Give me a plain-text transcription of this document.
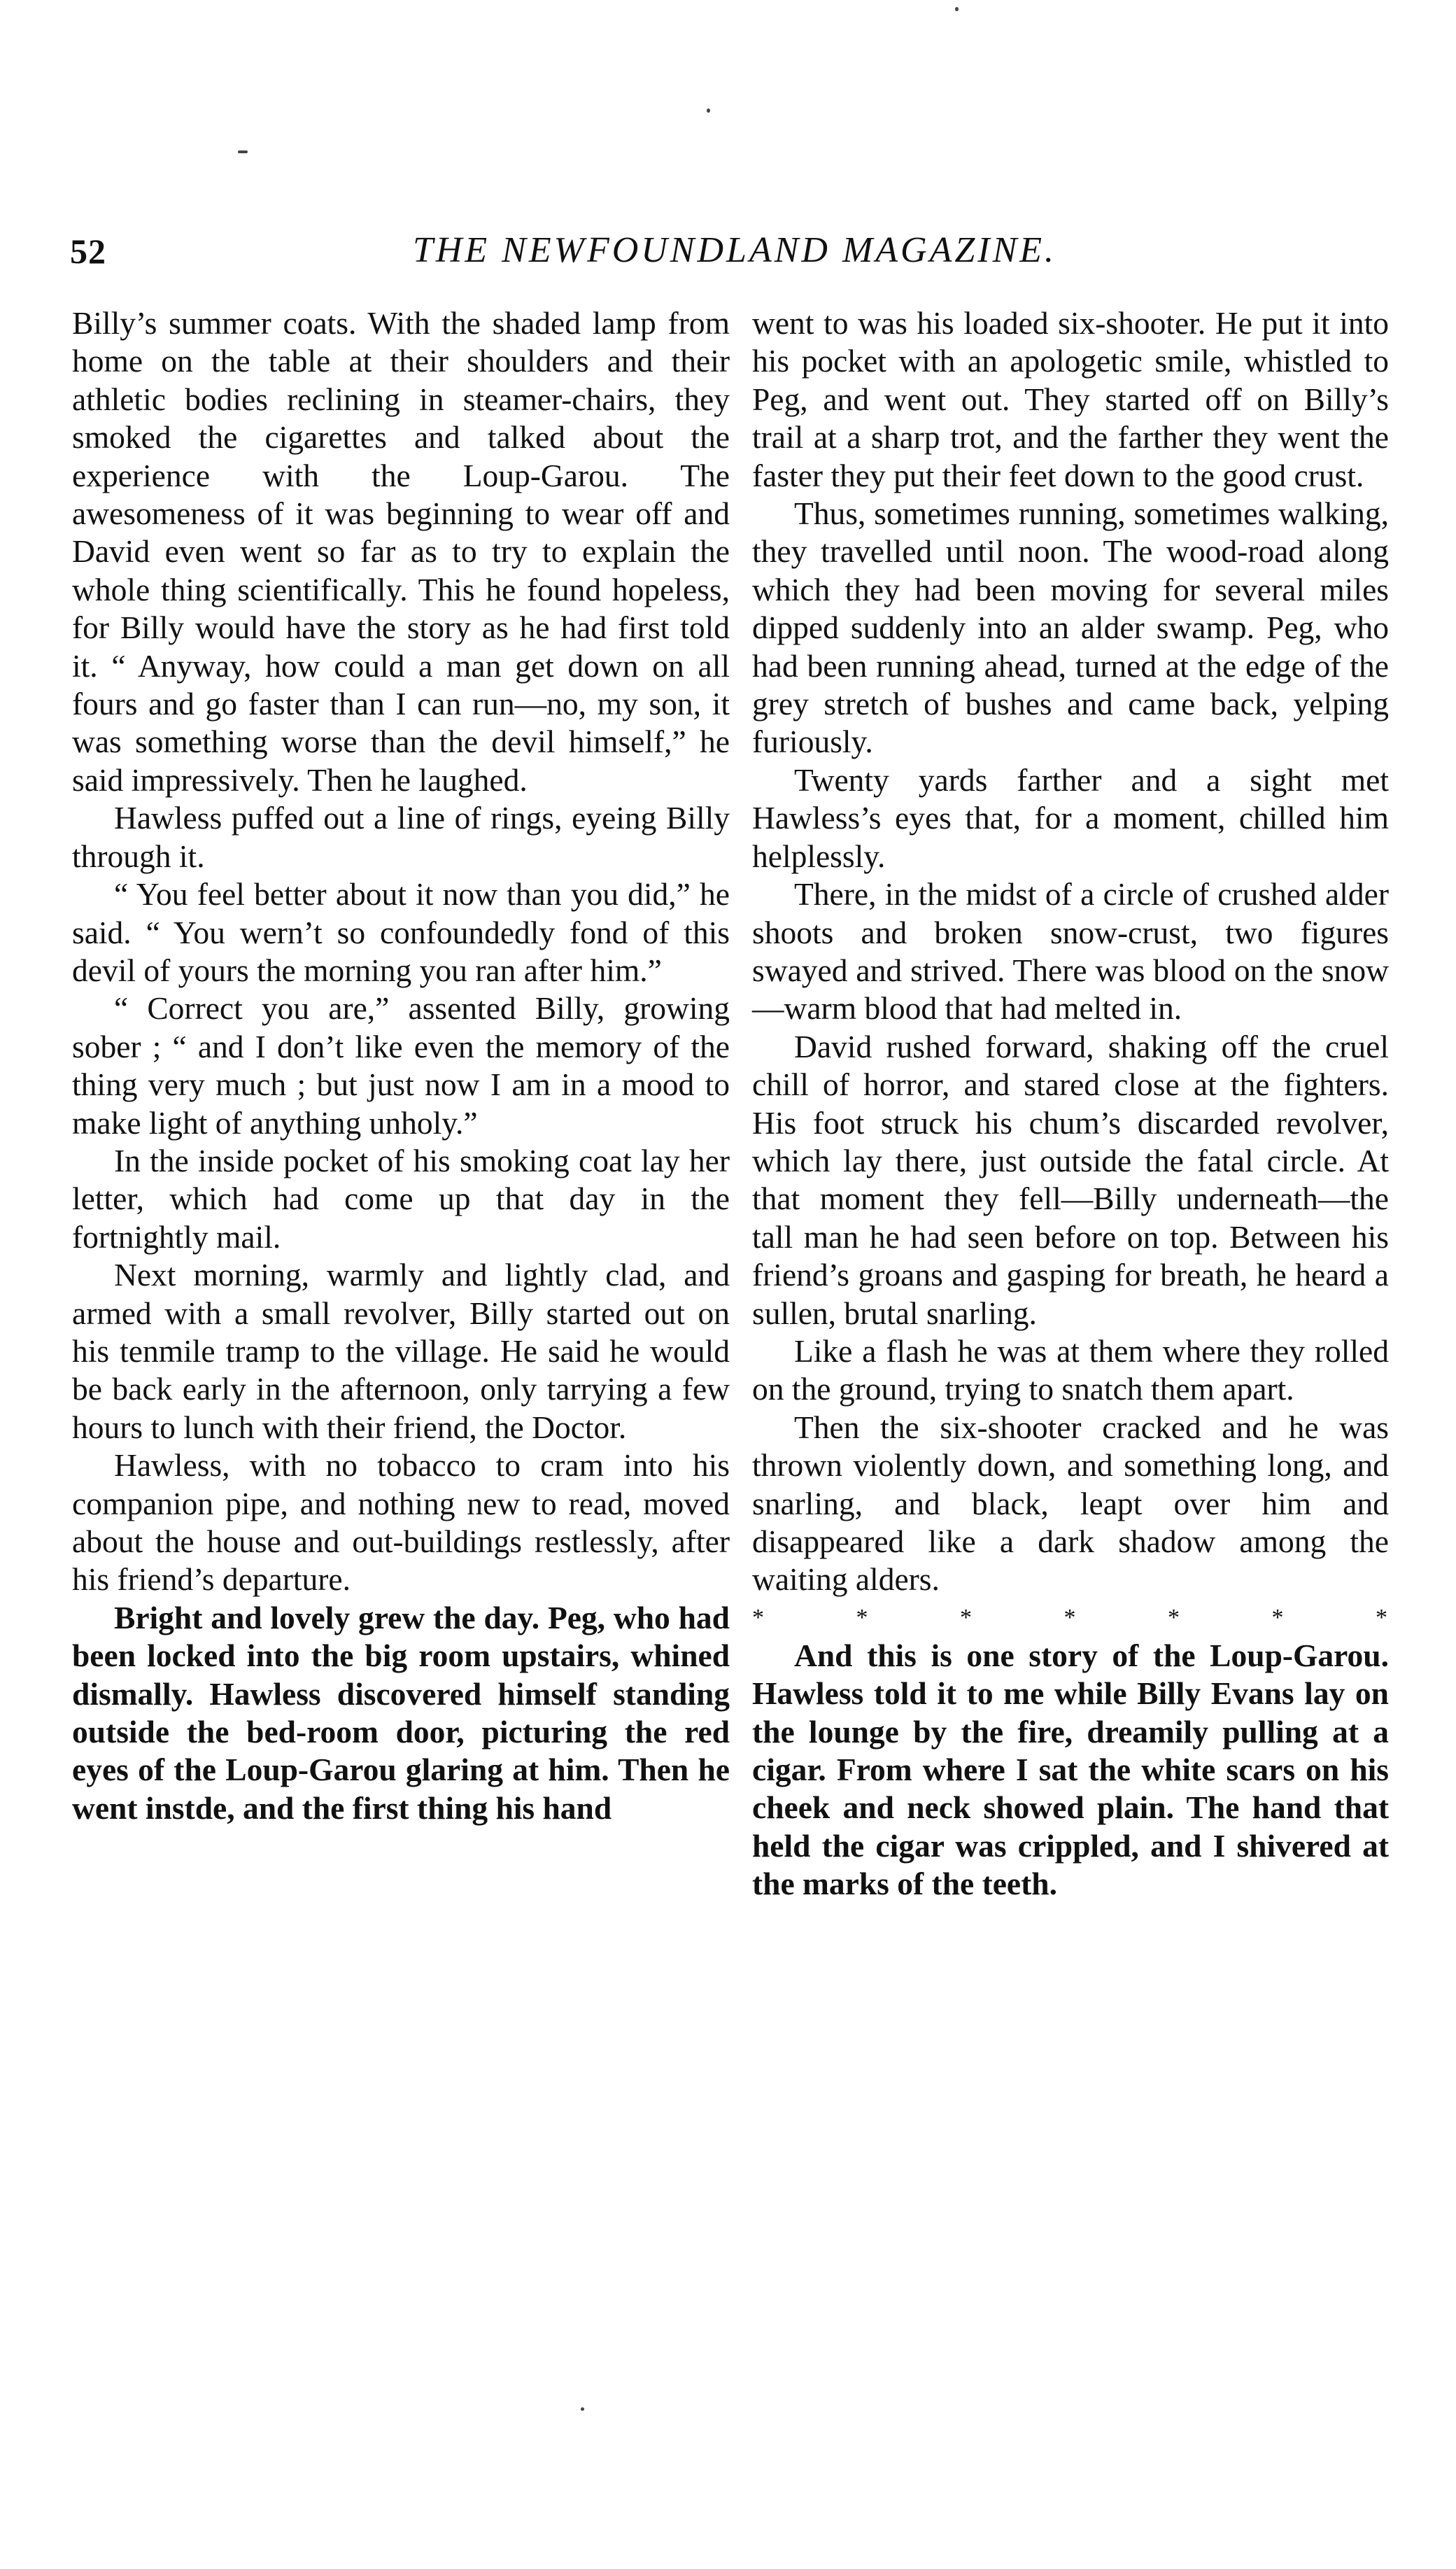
52	THE NEWFOUNDLAND MAGAZINE.

Billy’s summer coats. With the shaded lamp from home on the table at their shoulders and their athletic bodies reclining in steamer-chairs, they smoked the cigarettes and talked about the experience with the Loup-Garou. The awesomeness of it was beginning to wear off and David even went so far as to try to explain the whole thing scientifically. This he found hopeless, for Billy would have the story as he had first told it. “ Anyway, how could a man get down on all fours and go faster than I can run—no, my son, it was something worse than the devil himself,” he said impressively. Then he laughed.

Hawless puffed out a line of rings, eyeing Billy through it.

“ You feel better about it now than you did,” he said. “ You wern’t so confoundedly fond of this devil of yours the morning you ran after him.”

“ Correct you are,” assented Billy, growing sober ; “ and I don’t like even the memory of the thing very much ; but just now I am in a mood to make light of anything unholy.”

In the inside pocket of his smoking coat lay her letter, which had come up that day in the fortnightly mail.

Next morning, warmly and lightly clad, and armed with a small revolver, Billy started out on his tenmile tramp to the village. He said he would be back early in the afternoon, only tarrying a few hours to lunch with their friend, the Doctor.

Hawless, with no tobacco to cram into his companion pipe, and nothing new to read, moved about the house and out-buildings restlessly, after his friend’s departure.

Bright and lovely grew the day. Peg, who had been locked into the big room upstairs, whined dismally. Hawless discovered himself standing outside the bed-room door, picturing the red eyes of the Loup-Garou glaring at him. Then he went instde, and the first thing his hand

went to was his loaded six-shooter. He put it into his pocket with an apologetic smile, whistled to Peg, and went out. They started off on Billy’s trail at a sharp trot, and the farther they went the faster they put their feet down to the good crust.

Thus, sometimes running, sometimes walking, they travelled until noon. The wood-road along which they had been moving for several miles dipped suddenly into an alder swamp. Peg, who had been running ahead, turned at the edge of the grey stretch of bushes and came back, yelping furiously.

Twenty yards farther and a sight met Hawless’s eyes that, for a moment, chilled him helplessly.

There, in the midst of a circle of crushed alder shoots and broken snow-crust, two figures swayed and strived. There was blood on the snow —warm blood that had melted in.

David rushed forward, shaking off the cruel chill of horror, and stared close at the fighters. His foot struck his chum’s discarded revolver, which lay there, just outside the fatal circle. At that moment they fell—Billy underneath—the tall man he had seen before on top. Between his friend’s groans and gasping for breath, he heard a sullen, brutal snarling.

Like a flash he was at them where they rolled on the ground, trying to snatch them apart.

Then the six-shooter cracked and he was thrown violently down, and something long, and snarling, and black, leapt over him and disappeared like a dark shadow among the waiting alders.

* * * * * * *

And this is one story of the Loup-Garou. Hawless told it to me while Billy Evans lay on the lounge by the fire, dreamily pulling at a cigar. From where I sat the white scars on his cheek and neck showed plain. The hand that held the cigar was crippled, and I shivered at the marks of the teeth.
